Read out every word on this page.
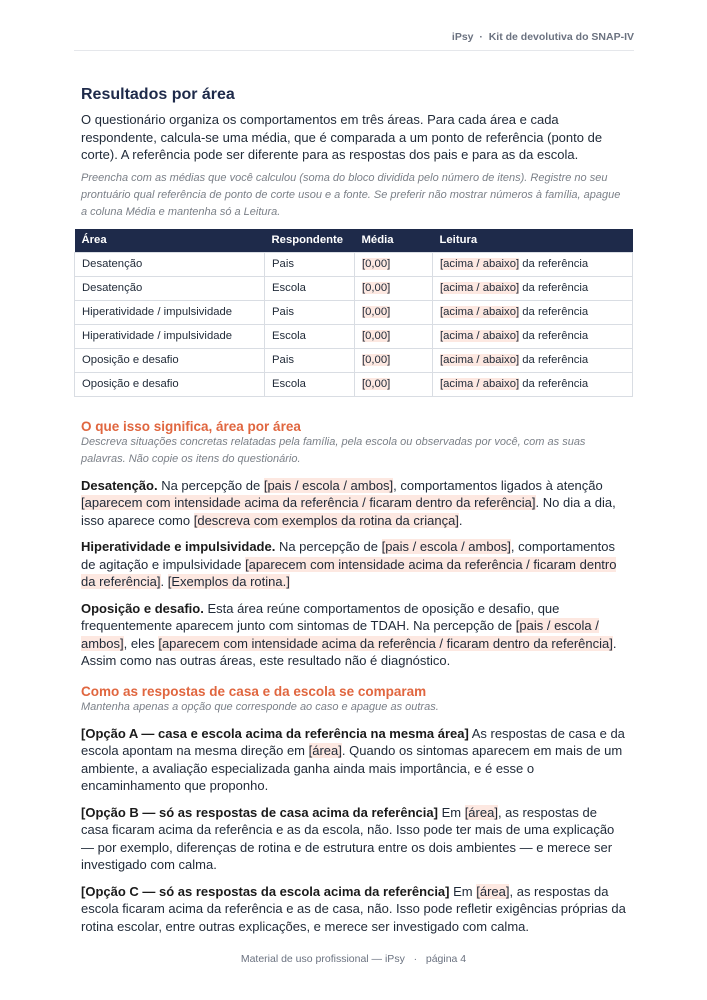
iPsy · Kit de devolutiva do SNAP-IV
Resultados por área

O questionário organiza os comportamentos em três áreas. Para cada área e cada respondente, calcula-se uma média, que é comparada a um ponto de referência (ponto de corte). A referência pode ser diferente para as respostas dos pais e para as da escola.

Preencha com as médias que você calculou (soma do bloco dividida pelo número de itens). Registre no seu prontuário qual referência de ponto de corte usou e a fonte. Se preferir não mostrar números à família, apague a coluna Média e mantenha só a Leitura.

Área	Respondente	Média	Leitura
Desatenção	Pais	[0,00]	[acima / abaixo] da referência
Desatenção	Escola	[0,00]	[acima / abaixo] da referência
Hiperatividade / impulsividade	Pais	[0,00]	[acima / abaixo] da referência
Hiperatividade / impulsividade	Escola	[0,00]	[acima / abaixo] da referência
Oposição e desafio	Pais	[0,00]	[acima / abaixo] da referência
Oposição e desafio	Escola	[0,00]	[acima / abaixo] da referência
O que isso significa, área por área

Descreva situações concretas relatadas pela família, pela escola ou observadas por você, com as suas palavras. Não copie os itens do questionário.

Desatenção. Na percepção de [pais / escola / ambos], comportamentos ligados à atenção [aparecem com intensidade acima da referência / ficaram dentro da referência]. No dia a dia, isso aparece como [descreva com exemplos da rotina da criança].

Hiperatividade e impulsividade. Na percepção de [pais / escola / ambos], comportamentos de agitação e impulsividade [aparecem com intensidade acima da referência / ficaram dentro da referência]. [Exemplos da rotina.]

Oposição e desafio. Esta área reúne comportamentos de oposição e desafio, que frequentemente aparecem junto com sintomas de TDAH. Na percepção de [pais / escola / ambos], eles [aparecem com intensidade acima da referência / ficaram dentro da referência]. Assim como nas outras áreas, este resultado não é diagnóstico.

Como as respostas de casa e da escola se comparam

Mantenha apenas a opção que corresponde ao caso e apague as outras.

[Opção A — casa e escola acima da referência na mesma área] As respostas de casa e da escola apontam na mesma direção em [área]. Quando os sintomas aparecem em mais de um ambiente, a avaliação especializada ganha ainda mais importância, e é esse o encaminhamento que proponho.

[Opção B — só as respostas de casa acima da referência] Em [área], as respostas de casa ficaram acima da referência e as da escola, não. Isso pode ter mais de uma explicação — por exemplo, diferenças de rotina e de estrutura entre os dois ambientes — e merece ser investigado com calma.

[Opção C — só as respostas da escola acima da referência] Em [área], as respostas da escola ficaram acima da referência e as de casa, não. Isso pode refletir exigências próprias da rotina escolar, entre outras explicações, e merece ser investigado com calma.

Material de uso profissional — iPsy · página 4
